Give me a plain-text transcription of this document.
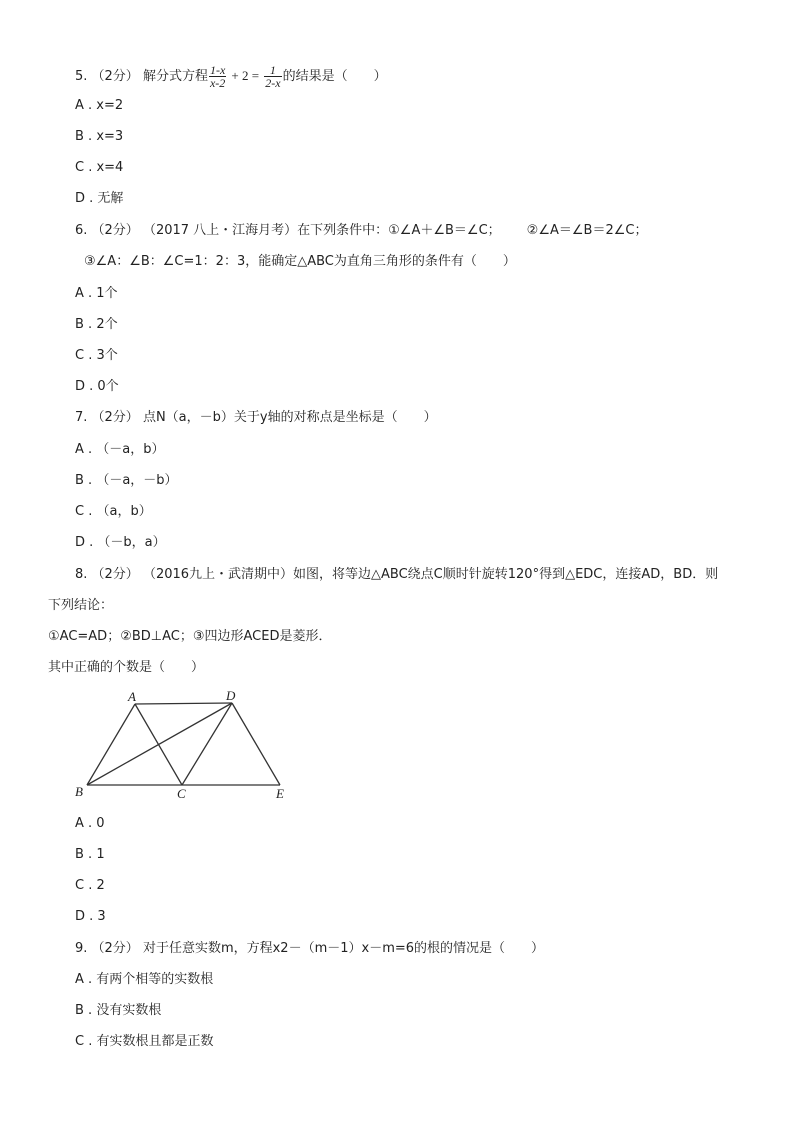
5. （2分） 解分式方程 $\frac{1-x}{x-2} + 2 = \frac{1}{2-x}$ 的结果是（　　）
A . x=2
B . x=3
C . x=4
D . 无解
6. （2分） （2017 八上・江海月考）在下列条件中：①∠A＋∠B＝∠C； ②∠A＝∠B＝2∠C；
③∠A：∠B：∠C=1：2：3，能确定△ABC为直角三角形的条件有（　　）
A . 1个
B . 2个
C . 3个
D . 0个
7. （2分） 点N（a，－b）关于y轴的对称点是坐标是（　　）
A . （－a，b）
B . （－a，－b）
C . （a，b）
D . （－b，a）
8. （2分） （2016九上・武清期中）如图，将等边△ABC绕点C顺时针旋转120°得到△EDC，连接AD，BD．则
下列结论：
①AC=AD；②BD⊥AC；③四边形ACED是菱形．
其中正确的个数是（　　）
A	D
B	C	E
A . 0
B . 1
C . 2
D . 3
9. （2分） 对于任意实数m，方程x2－（m－1）x－m=6的根的情况是（　　）
A . 有两个相等的实数根
B . 没有实数根
C . 有实数根且都是正数
